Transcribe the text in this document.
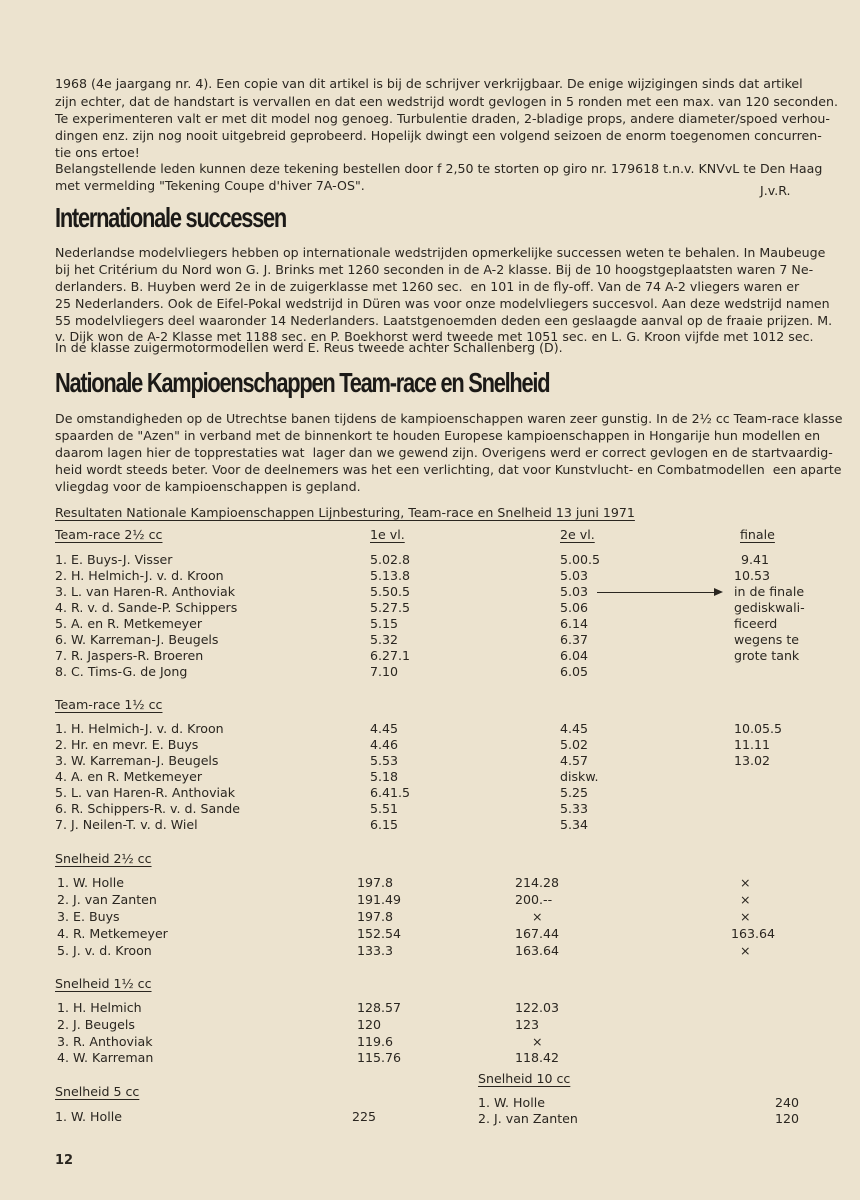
1968 (4e jaargang nr. 4). Een copie van dit artikel is bij de schrijver verkrijgbaar. De enige wijzigingen sinds dat artikel
zijn echter, dat de handstart is vervallen en dat een wedstrijd wordt gevlogen in 5 ronden met een max. van 120 seconden.
Te experimenteren valt er met dit model nog genoeg. Turbulentie draden, 2-bladige props, andere diameter/spoed verhou-
dingen enz. zijn nog nooit uitgebreid geprobeerd. Hopelijk dwingt een volgend seizoen de enorm toegenomen concurren-
tie ons ertoe!
Belangstellende leden kunnen deze tekening bestellen door f 2,50 te storten op giro nr. 179618 t.n.v. KNVvL te Den Haag
met vermelding "Tekening Coupe d'hiver 7A-OS".	J.v.R.
Internationale successen
Nederlandse modelvliegers hebben op internationale wedstrijden opmerkelijke successen weten te behalen. In Maubeuge
bij het Critérium du Nord won G. J. Brinks met 1260 seconden in de A-2 klasse. Bij de 10 hoogstgeplaatsten waren 7 Ne-
derlanders. B. Huyben werd 2e in de zuigerklasse met 1260 sec.  en 101 in de fly-off. Van de 74 A-2 vliegers waren er
25 Nederlanders. Ook de Eifel-Pokal wedstrijd in Düren was voor onze modelvliegers succesvol. Aan deze wedstrijd namen
55 modelvliegers deel waaronder 14 Nederlanders. Laatstgenoemden deden een geslaagde aanval op de fraaie prijzen. M.
v. Dijk won de A-2 Klasse met 1188 sec. en P. Boekhorst werd tweede met 1051 sec. en L. G. Kroon vijfde met 1012 sec.
In de klasse zuigermotormodellen werd E. Reus tweede achter Schallenberg (D).
Nationale Kampioenschappen Team-race en Snelheid
De omstandigheden op de Utrechtse banen tijdens de kampioenschappen waren zeer gunstig. In de 2½ cc Team-race klasse
spaarden de "Azen" in verband met de binnenkort te houden Europese kampioenschappen in Hongarije hun modellen en
daarom lagen hier de topprestaties wat  lager dan we gewend zijn. Overigens werd er correct gevlogen en de startvaardig-
heid wordt steeds beter. Voor de deelnemers was het een verlichting, dat voor Kunstvlucht- en Combatmodellen  een aparte
vliegdag voor de kampioenschappen is gepland.
Resultaten Nationale Kampioenschappen Lijnbesturing, Team-race en Snelheid 13 juni 1971
Team-race 2½ cc	1e vl.	2e vl.	finale
1. E. Buys-J. Visser	5.02.8	5.00.5	9.41
2. H. Helmich-J. v. d. Kroon	5.13.8	5.03	10.53
3. L. van Haren-R. Anthoviak	5.50.5	5.03	in de finale
4. R. v. d. Sande-P. Schippers	5.27.5	5.06	gediskwali-
5. A. en R. Metkemeyer	5.15	6.14	ficeerd
6. W. Karreman-J. Beugels	5.32	6.37	wegens te
7. R. Jaspers-R. Broeren	6.27.1	6.04	grote tank
8. C. Tims-G. de Jong	7.10	6.05
Team-race 1½ cc
1. H. Helmich-J. v. d. Kroon	4.45	4.45	10.05.5
2. Hr. en mevr. E. Buys	4.46	5.02	11.11
3. W. Karreman-J. Beugels	5.53	4.57	13.02
4. A. en R. Metkemeyer	5.18	diskw.
5. L. van Haren-R. Anthoviak	6.41.5	5.25
6. R. Schippers-R. v. d. Sande	5.51	5.33
7. J. Neilen-T. v. d. Wiel	6.15	5.34
Snelheid 2½ cc
1. W. Holle	197.8	214.28	×
2. J. van Zanten	191.49	200.--	×
3. E. Buys	197.8	×	×
4. R. Metkemeyer	152.54	167.44	163.64
5. J. v. d. Kroon	133.3	163.64	×
Snelheid 1½ cc
1. H. Helmich	128.57	122.03
2. J. Beugels	120	123
3. R. Anthoviak	119.6	×
4. W. Karreman	115.76	118.42
Snelheid 5 cc
1. W. Holle	225
Snelheid 10 cc
1. W. Holle	240
2. J. van Zanten	120
12
